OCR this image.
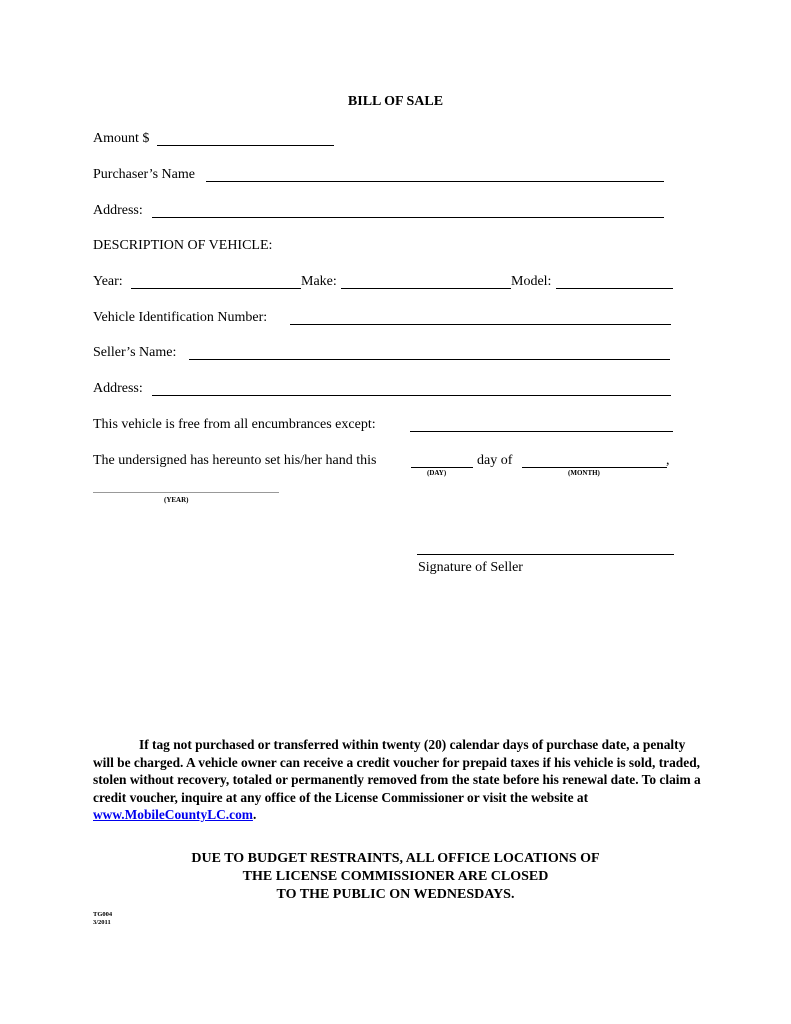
BILL OF SALE
Amount $
Purchaser’s Name
Address:
DESCRIPTION OF VEHICLE:
Year:	Make:	Model:
Vehicle Identification Number:
Seller’s Name:
Address:
This vehicle is free from all encumbrances except:
The undersigned has hereunto set his/her hand this
(DAY)
day of
(MONTH)
,
(YEAR)
Signature of Seller
If tag not purchased or transferred within twenty (20) calendar days of purchase date, a penalty will be charged. A vehicle owner can receive a credit voucher for prepaid taxes if his vehicle is sold, traded, stolen without recovery, totaled or permanently removed from the state before his renewal date. To claim a credit voucher, inquire at any office of the License Commissioner or visit the website at www.MobileCountyLC.com.
DUE TO BUDGET RESTRAINTS, ALL OFFICE LOCATIONS OF
THE LICENSE COMMISSIONER ARE CLOSED
TO THE PUBLIC ON WEDNESDAYS.
TG004
3/2011
